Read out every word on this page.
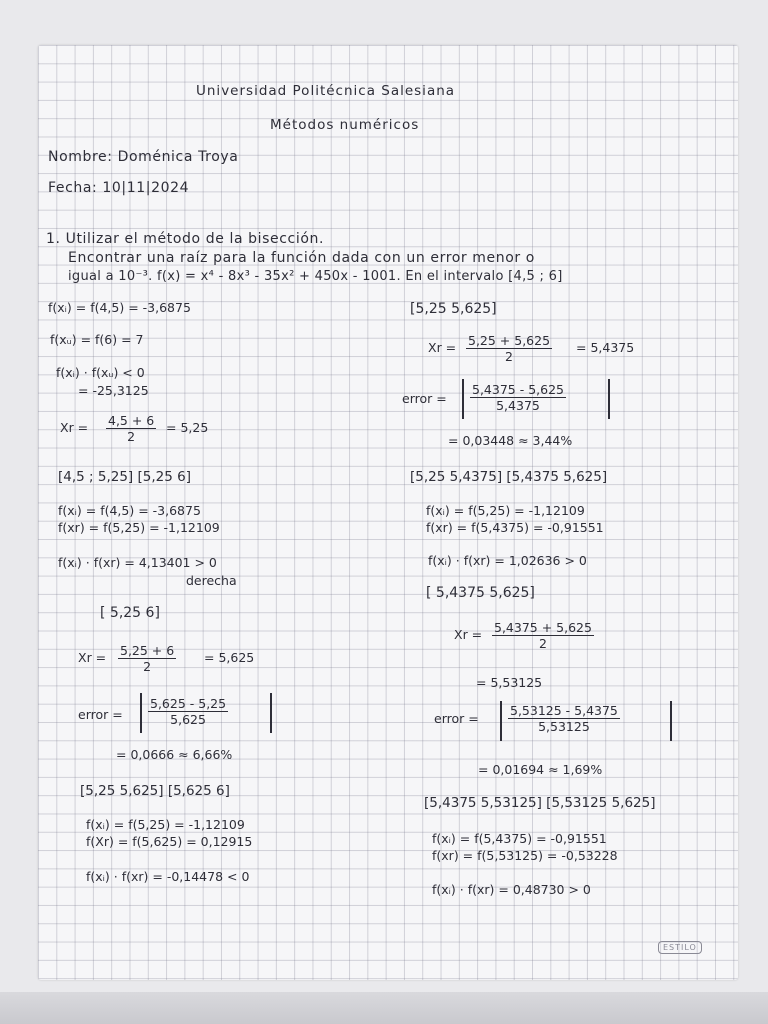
Universidad Politécnica Salesiana
Métodos numéricos
Nombre: Doménica Troya
Fecha: 10|11|2024
1. Utilizar el método de la bisección.
Encontrar una raíz para la función dada con un error menor o
igual a 10⁻³. f(x) = x⁴ - 8x³ - 35x² + 450x - 1001. En el intervalo [4,5 ; 6]
f(xᵢ) = f(4,5) = -3,6875
f(xᵤ) = f(6) = 7
f(xᵢ) · f(xᵤ) < 0
= -25,3125
$Xr = \frac{4,5 + 6}{2} = 5,25$
[4,5 ; 5,25] [5,25 6]
f(xᵢ) = f(4,5) = -3,6875
f(xr) = f(5,25) = -1,12109
f(xᵢ) · f(xr) = 4,13401 > 0
derecha
[ 5,25 6]
$Xr = \frac{5,25 + 6}{2} = 5,625$
error = $\frac{5,625 - 5,25}{5,625}$
= 0,0666 ≈ 6,66%
[5,25 5,625] [5,625 6]
f(xᵢ) = f(5,25) = -1,12109
f(Xr) = f(5,625) = 0,12915
f(xᵢ) · f(xr) = -0,14478 < 0
[5,25 5,625]
$Xr = \frac{5,25 + 5,625}{2} = 5,4375$
error = $\frac{5,4375 - 5,625}{5,4375}$
= 0,03448 ≈ 3,44%
[5,25 5,4375] [5,4375 5,625]
f(xᵢ) = f(5,25) = -1,12109
f(xr) = f(5,4375) = -0,91551
f(xᵢ) · f(xr) = 1,02636 > 0
[ 5,4375 5,625]
$Xr = \frac{5,4375 + 5,625}{2}$
= 5,53125
error = $\frac{5,53125 - 5,4375}{5,53125}$
= 0,01694 ≈ 1,69%
[5,4375 5,53125] [5,53125 5,625]
f(xᵢ) = f(5,4375) = -0,91551
f(xr) = f(5,53125) = -0,53228
f(xᵢ) · f(xr) = 0,48730 > 0
ESTILO
